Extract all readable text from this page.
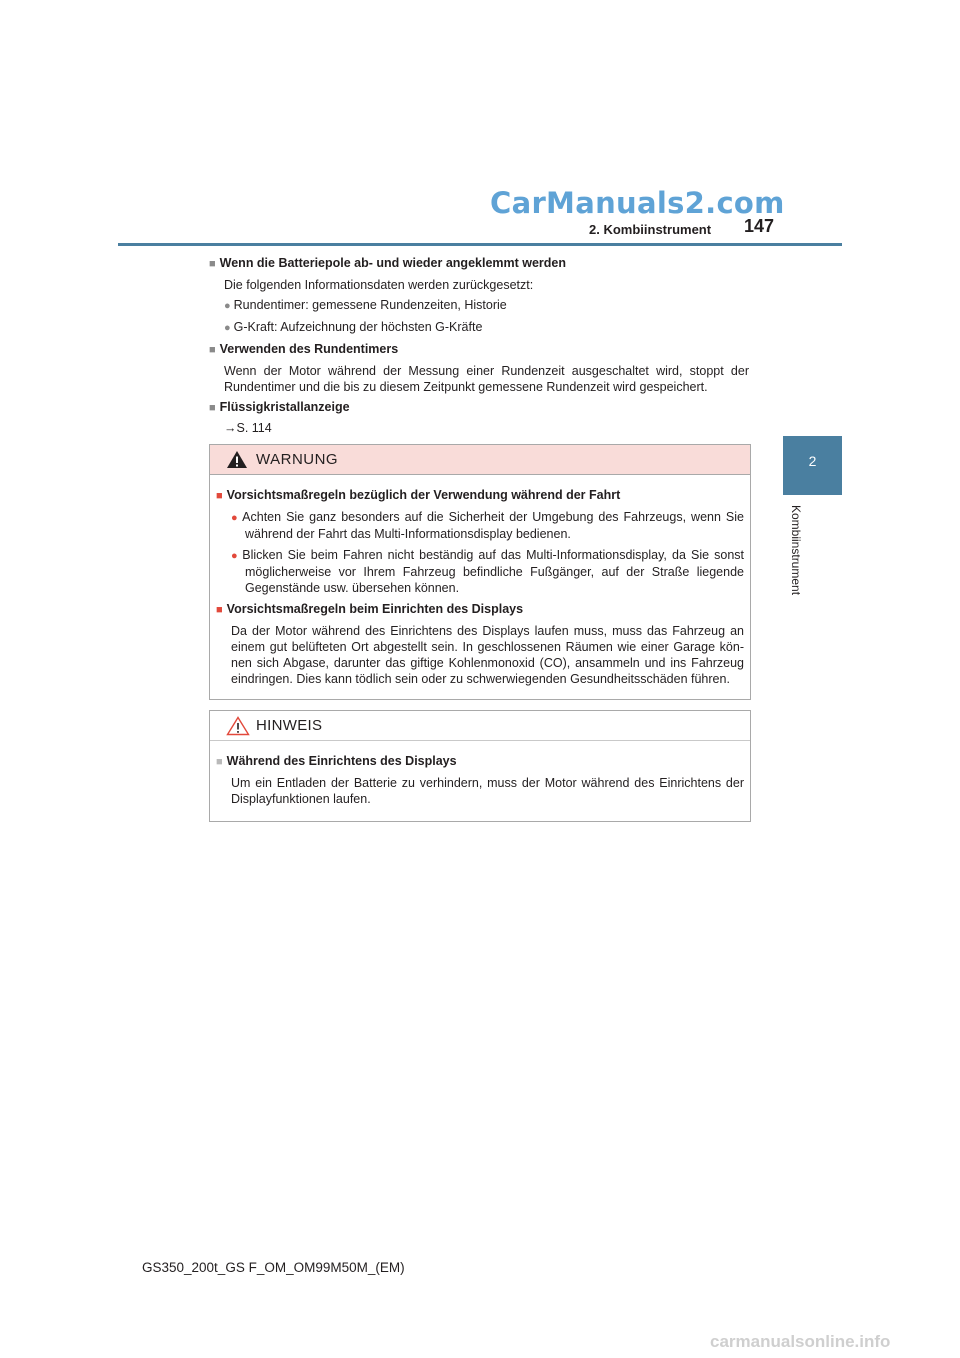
CarManuals2.com
2. Kombiinstrument 147
2
Kombiinstrument

■ Wenn die Batteriepole ab- und wieder angeklemmt werden

Die folgenden Informationsdaten werden zurückgesetzt:

● Rundentimer: gemessene Rundenzeiten, Historie

● G-Kraft: Aufzeichnung der höchsten G-Kräfte

■ Verwenden des Rundentimers

Wenn der Motor während der Messung einer Rundenzeit ausgeschaltet wird, stoppt der Rundentimer und die bis zu diesem Zeitpunkt gemessene Rundenzeit wird gespeichert.

■ Flüssigkristallanzeige

→S. 114

WARNUNG

■ Vorsichtsmaßregeln bezüglich der Verwendung während der Fahrt

● Achten Sie ganz besonders auf die Sicherheit der Umgebung des Fahrzeugs, wenn Sie während der Fahrt das Multi-Informationsdisplay bedienen.

● Blicken Sie beim Fahren nicht beständig auf das Multi-Informationsdisplay, da Sie sonst möglicherweise vor Ihrem Fahrzeug befindliche Fußgänger, auf der Straße liegende Gegenstände usw. übersehen können.

■ Vorsichtsmaßregeln beim Einrichten des Displays

Da der Motor während des Einrichtens des Displays laufen muss, muss das Fahrzeug an einem gut belüfteten Ort abgestellt sein. In geschlossenen Räumen wie einer Garage kön-nen sich Abgase, darunter das giftige Kohlenmonoxid (CO), ansammeln und ins Fahrzeug eindringen. Dies kann tödlich sein oder zu schwerwiegenden Gesundheitsschäden führen.

HINWEIS

■ Während des Einrichtens des Displays

Um ein Entladen der Batterie zu verhindern, muss der Motor während des Einrichtens der Displayfunktionen laufen.

GS350_200t_GS F_OM_OM99M50M_(EM)
carmanualsonline.info
